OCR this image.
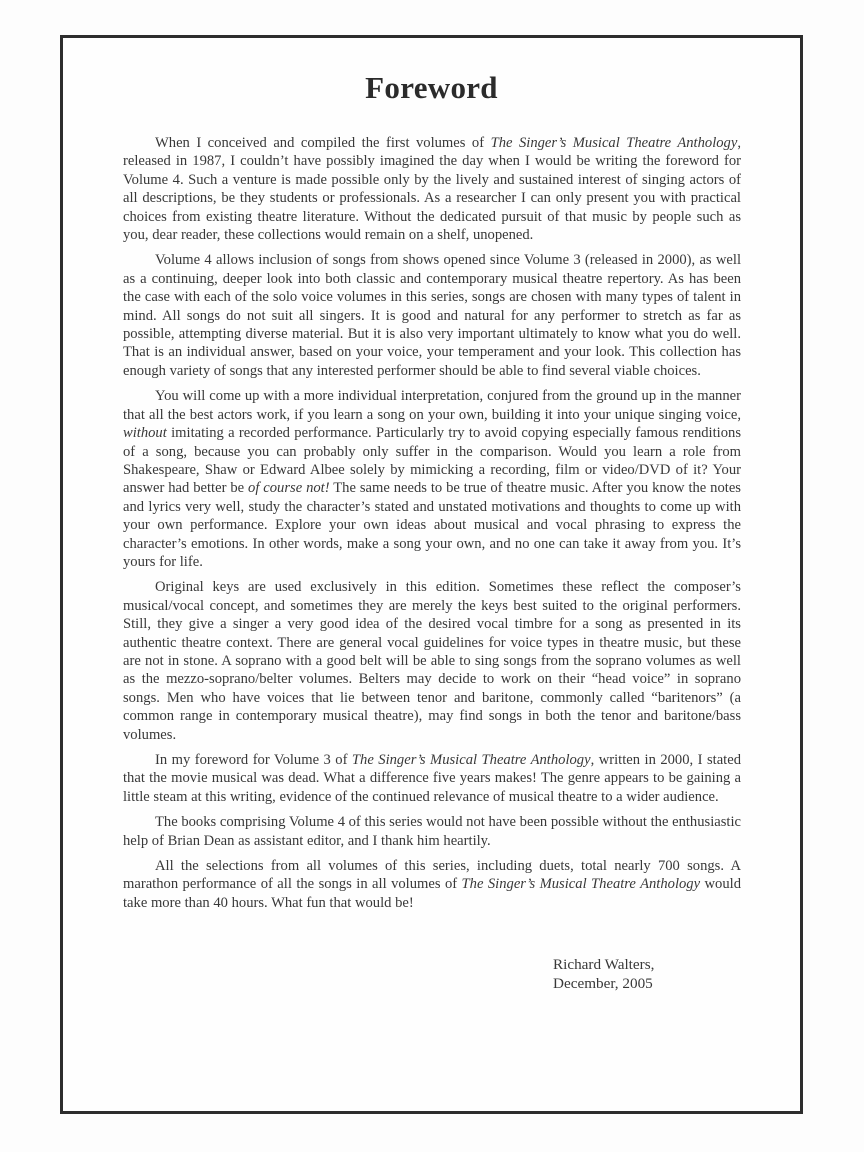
Foreword

When I conceived and compiled the first volumes of The Singer’s Musical Theatre Anthology, released in 1987, I couldn’t have possibly imagined the day when I would be writing the foreword for Volume 4. Such a venture is made possible only by the lively and sustained interest of singing actors of all descriptions, be they students or professionals. As a researcher I can only present you with practical choices from existing theatre literature. Without the dedicated pursuit of that music by people such as you, dear reader, these collections would remain on a shelf, unopened.

Volume 4 allows inclusion of songs from shows opened since Volume 3 (released in 2000), as well as a continuing, deeper look into both classic and contemporary musical theatre repertory. As has been the case with each of the solo voice volumes in this series, songs are chosen with many types of talent in mind. All songs do not suit all singers. It is good and natural for any performer to stretch as far as possible, attempting diverse material. But it is also very important ultimately to know what you do well. That is an individual answer, based on your voice, your temperament and your look. This collection has enough variety of songs that any interested performer should be able to find several viable choices.

You will come up with a more individual interpretation, conjured from the ground up in the manner that all the best actors work, if you learn a song on your own, building it into your unique singing voice, without imitating a recorded performance. Particularly try to avoid copying especially famous renditions of a song, because you can probably only suffer in the comparison. Would you learn a role from Shakespeare, Shaw or Edward Albee solely by mimicking a recording, film or video/DVD of it? Your answer had better be of course not! The same needs to be true of theatre music. After you know the notes and lyrics very well, study the character’s stated and unstated motivations and thoughts to come up with your own performance. Explore your own ideas about musical and vocal phrasing to express the character’s emotions. In other words, make a song your own, and no one can take it away from you. It’s yours for life.

Original keys are used exclusively in this edition. Sometimes these reflect the composer’s musical/vocal concept, and sometimes they are merely the keys best suited to the original performers. Still, they give a singer a very good idea of the desired vocal timbre for a song as presented in its authentic theatre context. There are general vocal guidelines for voice types in theatre music, but these are not in stone. A soprano with a good belt will be able to sing songs from the soprano volumes as well as the mezzo-soprano/belter volumes. Belters may decide to work on their “head voice” in soprano songs. Men who have voices that lie between tenor and baritone, commonly called “baritenors” (a common range in contemporary musical theatre), may find songs in both the tenor and baritone/bass volumes.

In my foreword for Volume 3 of The Singer’s Musical Theatre Anthology, written in 2000, I stated that the movie musical was dead. What a difference five years makes! The genre appears to be gaining a little steam at this writing, evidence of the continued relevance of musical theatre to a wider audience.

The books comprising Volume 4 of this series would not have been possible without the enthusiastic help of Brian Dean as assistant editor, and I thank him heartily.

All the selections from all volumes of this series, including duets, total nearly 700 songs. A marathon performance of all the songs in all volumes of The Singer’s Musical Theatre Anthology would take more than 40 hours. What fun that would be!

Richard Walters,
December, 2005
